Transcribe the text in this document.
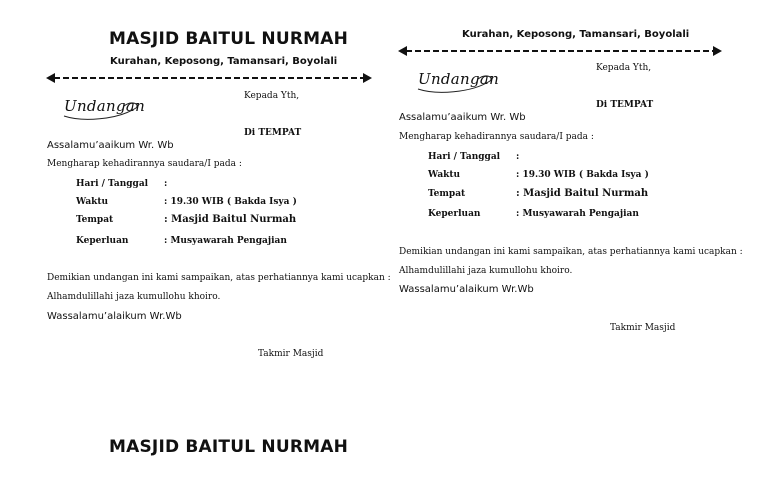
MASJID BAITUL NURMAH
Kurahan, Keposong, Tamansari, Boyolali
Undangan
Kepada Yth,
Di TEMPAT
Assalamu’aaikum Wr. Wb
Mengharap kehadirannya saudara/I pada :
Hari / Tanggal :
Waktu	: 19.30 WIB ( Bakda Isya )
Tempat	: Masjid Baitul Nurmah
Keperluan	: Musyawarah Pengajian
Demikian undangan ini kami sampaikan, atas perhatiannya kami ucapkan :
Alhamdulillahi jaza kumullohu khoiro.
Wassalamu’alaikum Wr.Wb
Takmir Masjid
Kurahan, Keposong, Tamansari, Boyolali
Undangan
Kepada Yth,
Di TEMPAT
Assalamu’aaikum Wr. Wb
Mengharap kehadirannya saudara/I pada :
Hari / Tanggal :
Waktu	: 19.30 WIB ( Bakda Isya )
Tempat	: Masjid Baitul Nurmah
Keperluan	: Musyawarah Pengajian
Demikian undangan ini kami sampaikan, atas perhatiannya kami ucapkan :
Alhamdulillahi jaza kumullohu khoiro.
Wassalamu’alaikum Wr.Wb
Takmir Masjid
MASJID BAITUL NURMAH
